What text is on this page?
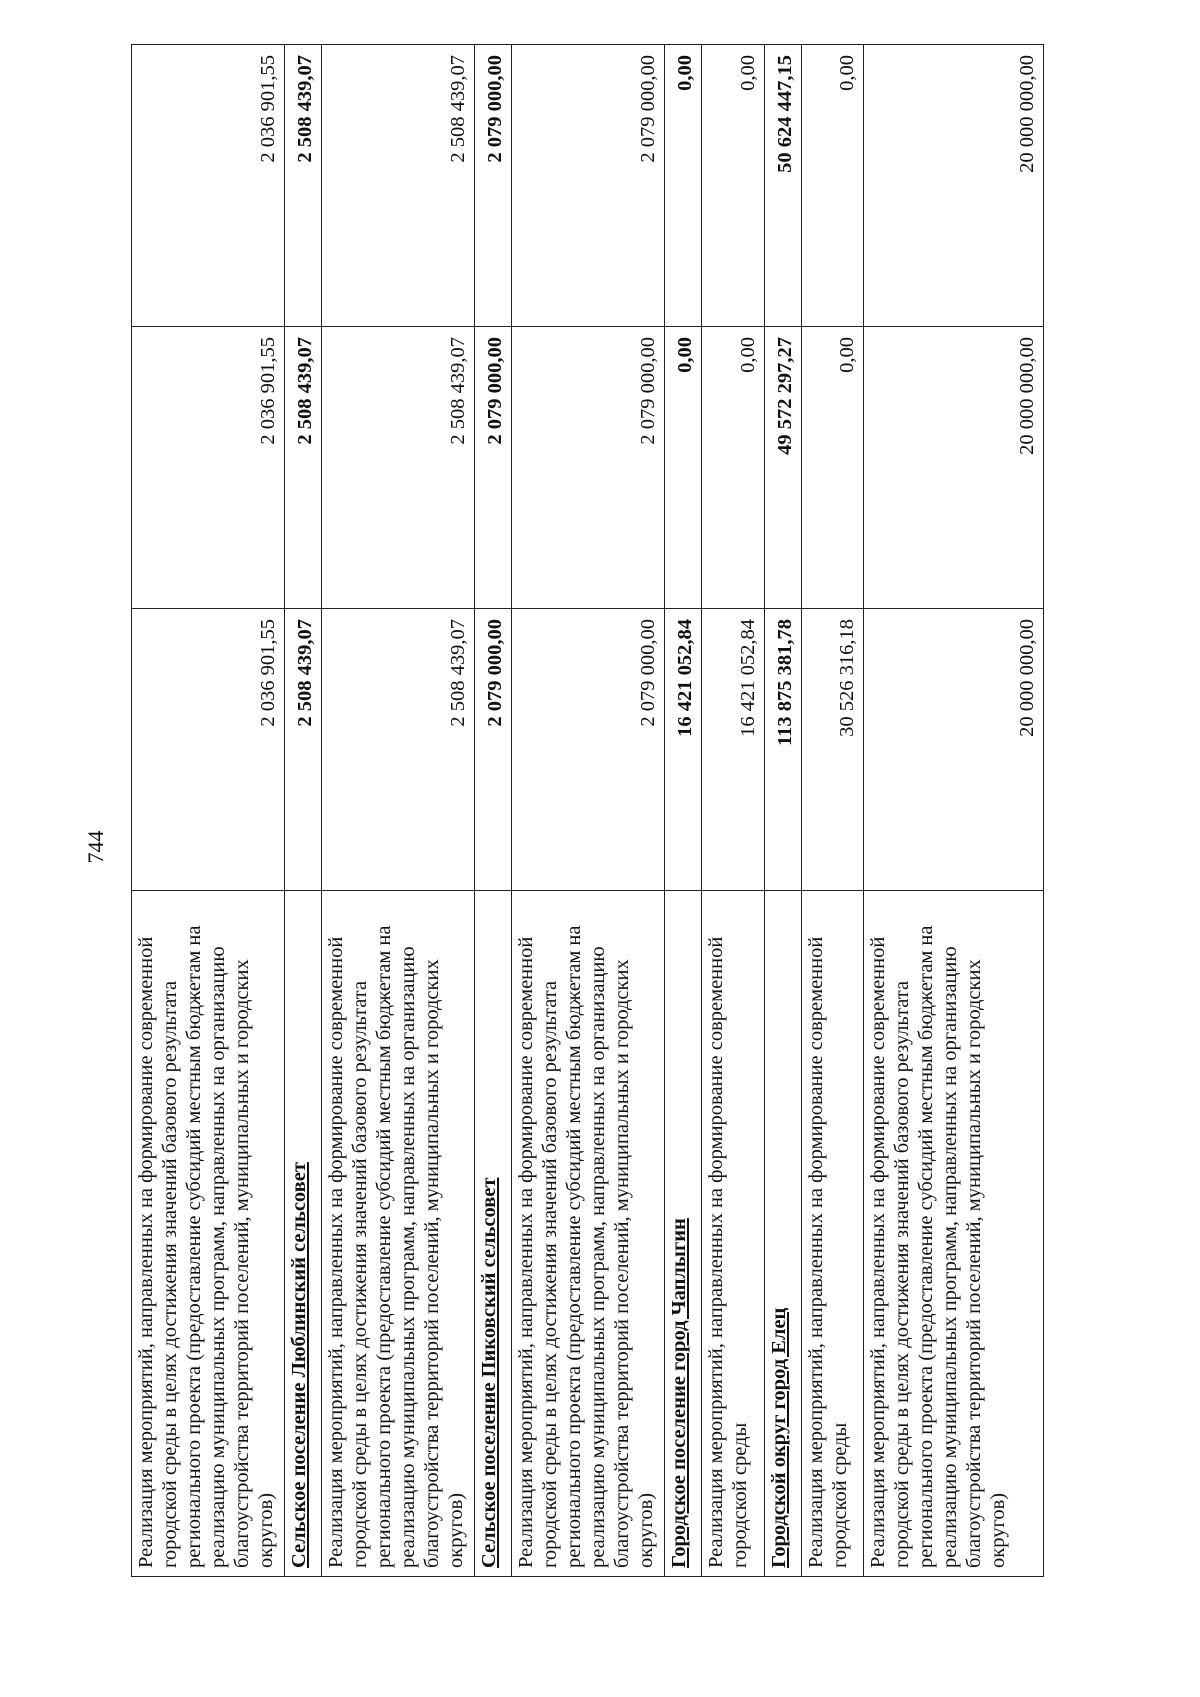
744
Реализация мероприятий, направленных на формирование современной городской среды в целях достижения значений базового результата регионального проекта (предоставление субсидий местным бюджетам на реализацию муниципальных программ, направленных на организацию благоустройства территорий поселений, муниципальных и городских округов)	2 036 901,55	2 036 901,55	2 036 901,55
Сельское поселение Люблинский сельсовет	2 508 439,07	2 508 439,07	2 508 439,07
Реализация мероприятий, направленных на формирование современной городской среды в целях достижения значений базового результата регионального проекта (предоставление субсидий местным бюджетам на реализацию муниципальных программ, направленных на организацию благоустройства территорий поселений, муниципальных и городских округов)	2 508 439,07	2 508 439,07	2 508 439,07
Сельское поселение Пиковский сельсовет	2 079 000,00	2 079 000,00	2 079 000,00
Реализация мероприятий, направленных на формирование современной городской среды в целях достижения значений базового результата регионального проекта (предоставление субсидий местным бюджетам на реализацию муниципальных программ, направленных на организацию благоустройства территорий поселений, муниципальных и городских округов)	2 079 000,00	2 079 000,00	2 079 000,00
Городское поселение город Чаплыгин	16 421 052,84	0,00	0,00
Реализация мероприятий, направленных на формирование современной городской среды	16 421 052,84	0,00	0,00
Городской округ город Елец	113 875 381,78	49 572 297,27	50 624 447,15
Реализация мероприятий, направленных на формирование современной городской среды	30 526 316,18	0,00	0,00
Реализация мероприятий, направленных на формирование современной городской среды в целях достижения значений базового результата регионального проекта (предоставление субсидий местным бюджетам на реализацию муниципальных программ, направленных на организацию благоустройства территорий поселений, муниципальных и городских округов)	20 000 000,00	20 000 000,00	20 000 000,00
